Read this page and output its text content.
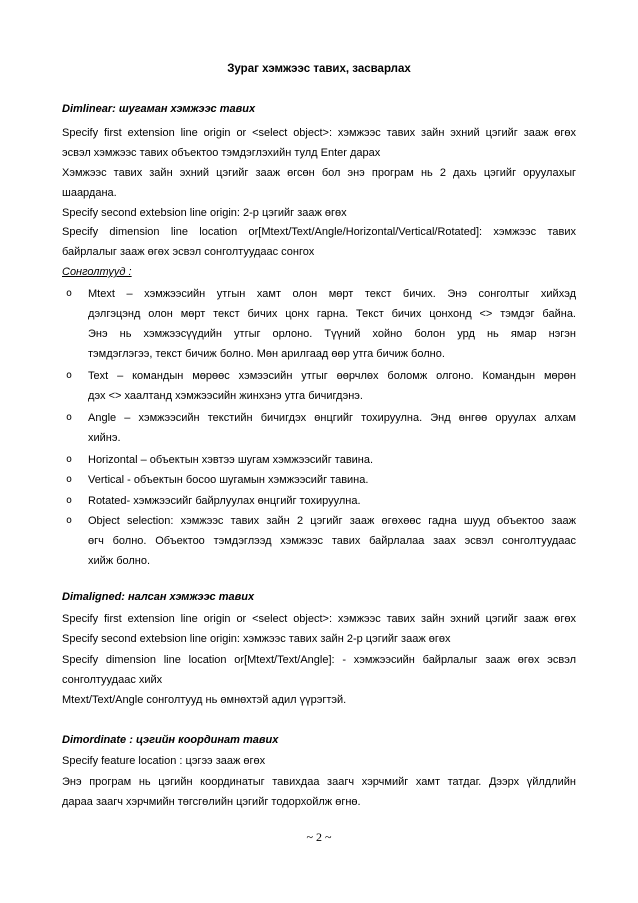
Зураг хэмжээс тавих, засварлах
Dimlinear: шугаман хэмжээс тавих
Specify first extension line origin or <select object>: хэмжээс тавих зайн эхний цэгийг зааж өгөх
эсвэл хэмжээс тавих объектоо тэмдэглэхийн тулд Enter дарах
Хэмжээс тавих зайн эхний цэгийг зааж өгсөн бол энэ програм нь 2 дахь цэгийг оруулахыг
шаардана.
Specify second extebsion line origin: 2-р цэгийг зааж өгөх
Specify dimension line location or[Mtext/Text/Angle/Horizontal/Vertical/Rotated]: хэмжээс тавих
байрлалыг зааж өгөх эсвэл сонголтуудаас сонгох
Сонголтууд :
o Mtext – хэмжээсийн утгын хамт олон мөрт текст бичих. Энэ сонголтыг хийхэд
дэлгэцэнд олон мөрт текст бичих цонх гарна. Текст бичих цонхонд <> тэмдэг байна.
Энэ нь хэмжээсүүдийн утгыг орлоно. Түүний хойно болон урд нь ямар нэгэн
тэмдэглэгээ, текст бичиж болно. Мөн арилгаад өөр утга бичиж болно.
o Text – командын мөрөөс хэмээсийн утгыг өөрчлөх боломж олгоно. Командын мөрөн
дэх <> хаалтанд хэмжээсийн жинхэнэ утга бичигдэнэ.
o Angle – хэмжээсийн текстийн бичигдэх өнцгийг тохируулна. Энд өнгөө оруулах алхам
хийнэ.
o Horizontal – объектын хэвтээ шугам хэмжээсийг тавина.
o Vertical - объектын босоо шугамын хэмжээсийг тавина.
o Rotated- хэмжээсийг байрлуулах өнцгийг тохируулна.
o Object selection: хэмжээс тавих зайн 2 цэгийг зааж өгөхөөс гадна шууд объектоо зааж
өгч болно. Объектоо тэмдэглээд хэмжээс тавих байрлалаа заах эсвэл сонголтуудаас
хийж болно.
Dimaligned: налсан хэмжээс тавих
Specify first extension line origin or <select object>: хэмжээс тавих зайн эхний цэгийг зааж өгөх
Specify second extebsion line origin: хэмжээс тавих зайн 2-р цэгийг зааж өгөх
Specify dimension line location or[Mtext/Text/Angle]: - хэмжээсийн байрлалыг зааж өгөх эсвэл
сонголтуудаас хийх
Mtext/Text/Angle сонголтууд нь өмнөхтэй адил үүрэгтэй.
Dimordinate : цэгийн координат тавих
Specify feature location : цэгээ зааж өгөх
Энэ програм нь цэгийн координатыг тавихдаа заагч хэрчмийг хамт татдаг. Дээрх үйлдлийн
дараа заагч хэрчмийн төгсгөлийн цэгийг тодорхойлж өгнө.
~ 2 ~
